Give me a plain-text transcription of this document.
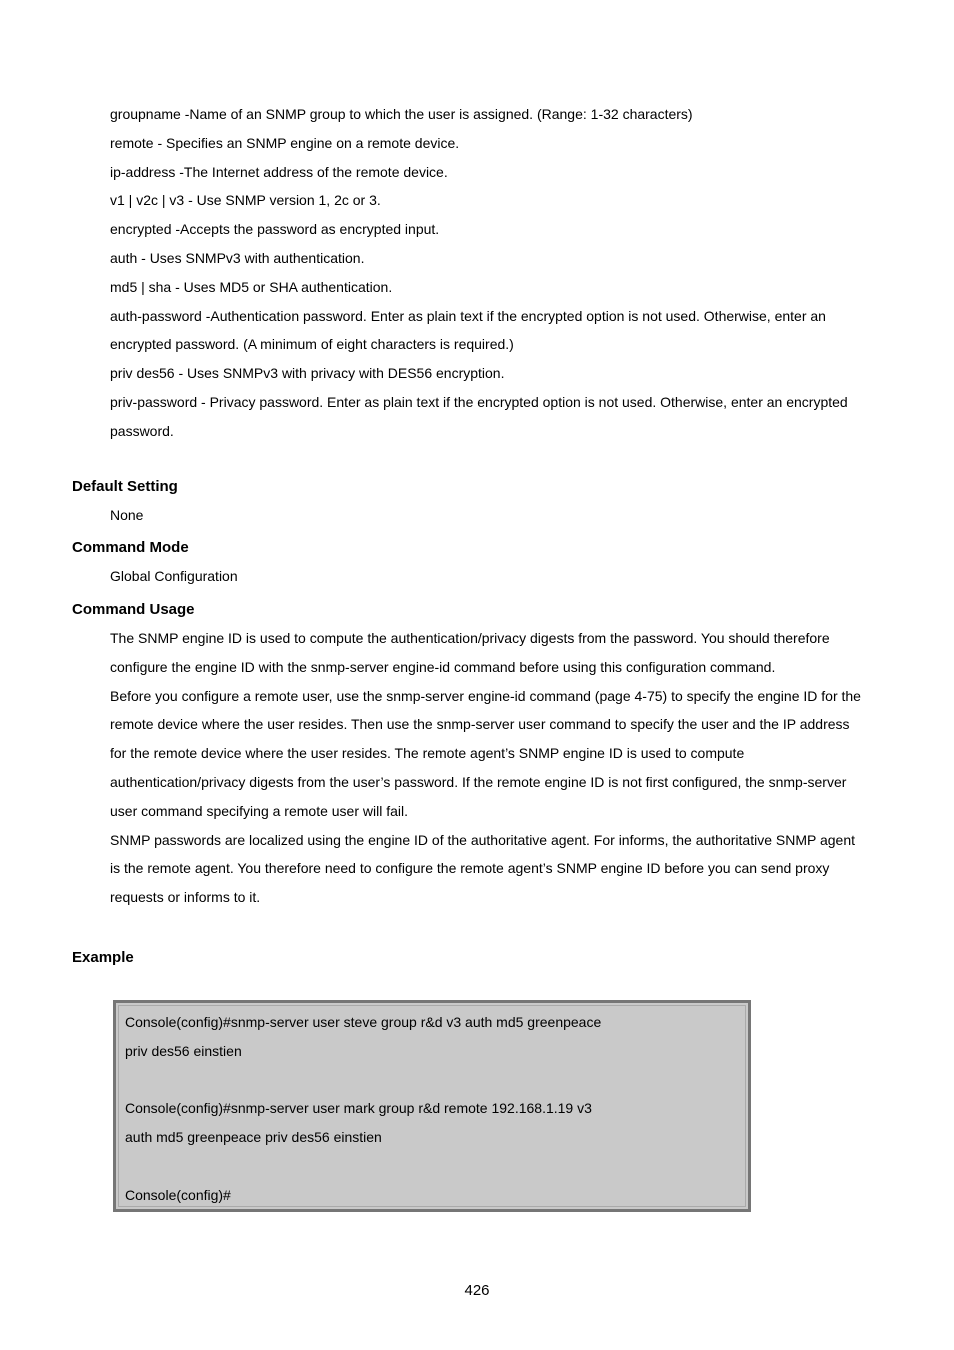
groupname -Name of an SNMP group to which the user is assigned. (Range: 1-32 characters)
remote - Specifies an SNMP engine on a remote device.
ip-address -The Internet address of the remote device.
v1 | v2c | v3 - Use SNMP version 1, 2c or 3.
encrypted -Accepts the password as encrypted input.
auth - Uses SNMPv3 with authentication.
md5 | sha - Uses MD5 or SHA authentication.
auth-password -Authentication password. Enter as plain text if the encrypted option is not used. Otherwise, enter an
encrypted password. (A minimum of eight characters is required.)
priv des56 - Uses SNMPv3 with privacy with DES56 encryption.
priv-password - Privacy password. Enter as plain text if the encrypted option is not used. Otherwise, enter an encrypted
password.
Default Setting
None
Command Mode
Global Configuration
Command Usage
The SNMP engine ID is used to compute the authentication/privacy digests from the password. You should therefore
configure the engine ID with the snmp-server engine-id command before using this configuration command.
Before you configure a remote user, use the snmp-server engine-id command (page 4-75) to specify the engine ID for the
remote device where the user resides. Then use the snmp-server user command to specify the user and the IP address
for the remote device where the user resides. The remote agent’s SNMP engine ID is used to compute
authentication/privacy digests from the user’s password. If the remote engine ID is not first configured, the snmp-server
user command specifying a remote user will fail.
SNMP passwords are localized using the engine ID of the authoritative agent. For informs, the authoritative SNMP agent
is the remote agent. You therefore need to configure the remote agent’s SNMP engine ID before you can send proxy
requests or informs to it.
Example
Console(config)#snmp-server user steve group r&d v3 auth md5 greenpeace
priv des56 einstien
Console(config)#snmp-server user mark group r&d remote 192.168.1.19 v3
auth md5 greenpeace priv des56 einstien
Console(config)#
426
